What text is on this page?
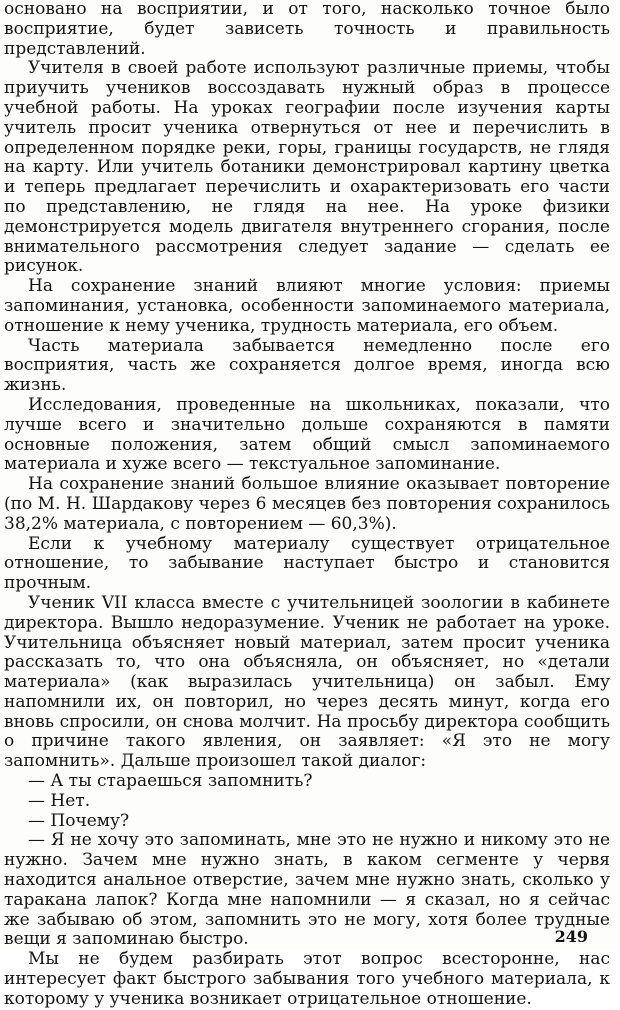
основано на восприятии, и от того, насколько точное было восприятие, будет зависеть точность и правильность представлений.

Учителя в своей работе используют различные приемы, чтобы приучить учеников воссоздавать нужный образ в процессе учебной работы. На уроках географии после изучения карты учитель просит ученика отвернуться от нее и перечислить в определенном порядке реки, горы, границы государств, не глядя на карту. Или учитель ботаники демонстрировал картину цветка и теперь предлагает перечислить и охарактеризовать его части по представлению, не глядя на нее. На уроке физики демонстрируется модель двигателя внутреннего сгорания, после внимательного рассмотрения следует задание — сделать ее рисунок.

На сохранение знаний влияют многие условия: приемы запоминания, установка, особенности запоминаемого материала, отношение к нему ученика, трудность материала, его объем.

Часть материала забывается немедленно после его восприятия, часть же сохраняется долгое время, иногда всю жизнь.

Исследования, проведенные на школьниках, показали, что лучше всего и значительно дольше сохраняются в памяти основные положения, затем общий смысл запоминаемого материала и хуже всего — текстуальное запоминание.

На сохранение знаний большое влияние оказывает повторение (по М. Н. Шардакову через 6 месяцев без повторения сохранилось 38,2% материала, с повторением — 60,3%).

Если к учебному материалу существует отрицательное отношение, то забывание наступает быстро и становится прочным.

Ученик VII класса вместе с учительницей зоологии в кабинете директора. Вышло недоразумение. Ученик не работает на уроке. Учительница объясняет новый материал, затем просит ученика рассказать то, что она объясняла, он объясняет, но «детали материала» (как выразилась учительница) он забыл. Ему напомнили их, он повторил, но через десять минут, когда его вновь спросили, он снова молчит. На просьбу директора сообщить о причине такого явления, он заявляет: «Я это не могу запомнить». Дальше произошел такой диалог:

— А ты стараешься запомнить?

— Нет.

— Почему?

— Я не хочу это запоминать, мне это не нужно и никому это не нужно. Зачем мне нужно знать, в каком сегменте у червя находится анальное отверстие, зачем мне нужно знать, сколько у таракана лапок? Когда мне напомнили — я сказал, но я сейчас же забываю об этом, запомнить это не могу, хотя более трудные вещи я запоминаю быстро.

Мы не будем разбирать этот вопрос всесторонне, нас интересует факт быстрого забывания того учебного материала, к которому у ученика возникает отрицательное отношение.

249
